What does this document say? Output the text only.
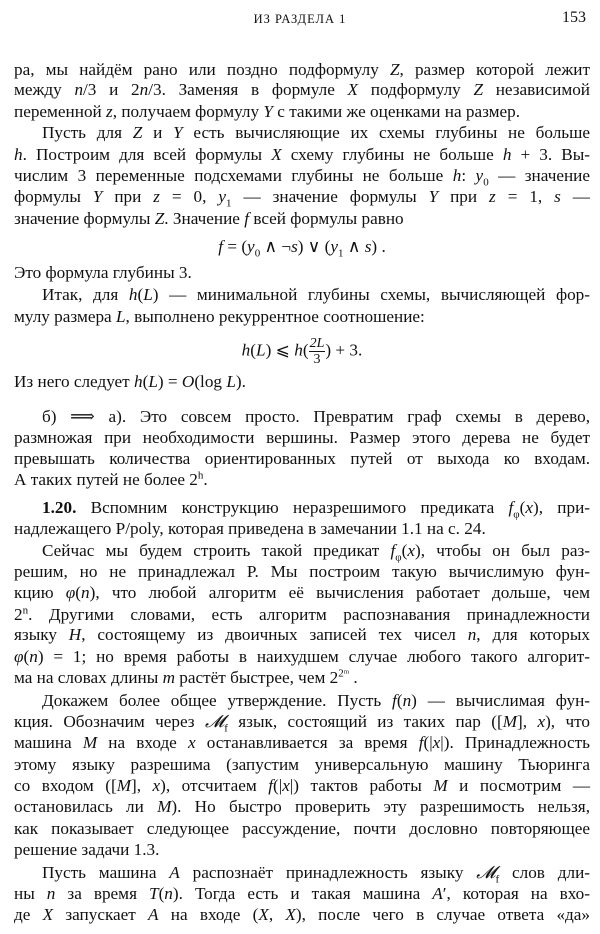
ИЗ РАЗДЕЛА 1	153
ра, мы найдём рано или поздно подформулу Z, размер которой лежит
между n/3 и 2n/3. Заменяя в формуле X подформулу Z независимой
переменной z, получаем формулу Y с такими же оценками на размер.
Пусть для Z и Y есть вычисляющие их схемы глубины не больше
h. Построим для всей формулы X схему глубины не больше h + 3. Вы-
числим 3 переменные подсхемами глубины не больше h: $y_0$ — значение
формулы Y при z = 0, $y_1$ — значение формулы Y при z = 1, s —
значение формулы Z. Значение f всей формулы равно
$f = (y_0$ ∧ ¬s) ∨ ($y_1$ ∧ s) .
Это формула глубины 3.
Итак, для h(L) — минимальной глубины схемы, вычисляющей фор-
мулу размера L, выполнено рекуррентное соотношение:
h(L) ⩽ $h( \frac{2L}{3}$ ) + 3.
Из него следует h(L) = O(log L).
б) ⟹ а). Это совсем просто. Превратим граф схемы в дерево,
размножая при необходимости вершины. Размер этого дерева не будет
превышать количества ориентированных путей от выхода ко входам.
А таких путей не более 2$^h$.
1.20. Вспомним конструкцию неразрешимого предиката $f_\varphi(x)$, при-
надлежащего P/poly, которая приведена в замечании 1.1 на с. 24.
Сейчас мы будем строить такой предикат $f_\varphi(x)$, чтобы он был раз-
решим, но не принадлежал P. Мы построим такую вычислимую фун-
кцию φ(n), что любой алгоритм её вычисления работает дольше, чем
2$^n$. Другими словами, есть алгоритм распознавания принадлежности
языку H, состоящему из двоичных записей тех чисел n, для которых
φ(n) = 1; но время работы в наихудшем случае любого такого алгорит-
ма на словах длины m растёт быстрее, чем $2^{2ᵐ}$ .
Докажем более общее утверждение. Пусть f(n) — вычислимая фун-
кция. Обозначим через 𝓜$_f$ язык, состоящий из таких пар ([M], x), что
машина M на входе x останавливается за время f(|x|). Принадлежность
этому языку разрешима (запустим универсальную машину Тьюринга
со входом ([M], x), отсчитаем f(|x|) тактов работы M и посмотрим —
остановилась ли M). Но быстро проверить эту разрешимость нельзя,
как показывает следующее рассуждение, почти дословно повторяющее
решение задачи 1.3.
Пусть машина A распознаёт принадлежность языку 𝓜$_f$ слов дли-
ны n за время T(n). Тогда есть и такая машина A′, которая на вхо-
де X запускает A на входе (X, X), после чего в случае ответа «да»
